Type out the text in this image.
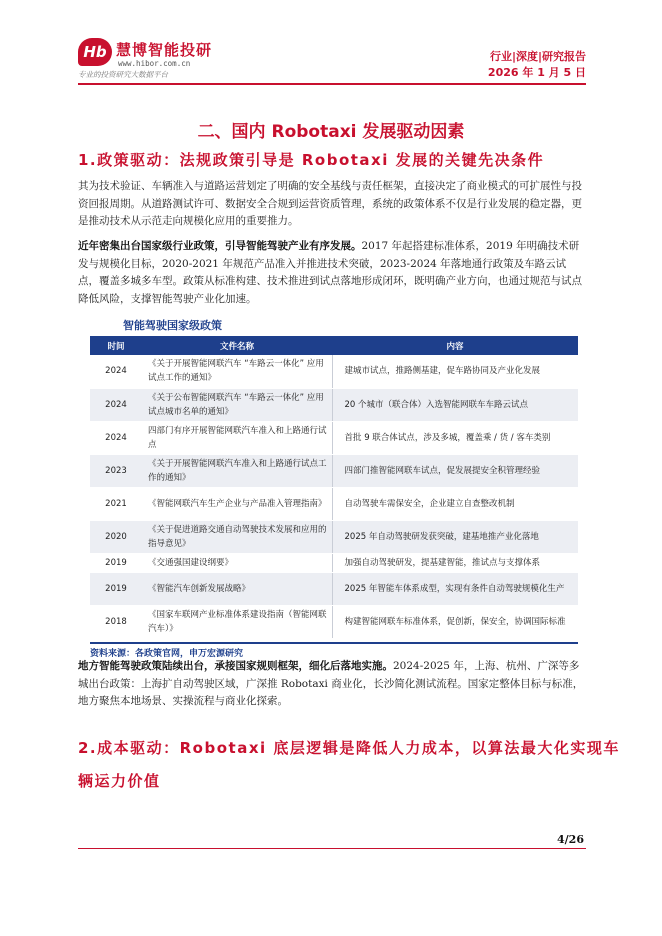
Hb 慧博智能投研
www.hibor.com.cn
专业的投资研究大数据平台
行业|深度|研究报告
2026 年 1 月 5 日
二、国内 Robotaxi 发展驱动因素
1.政策驱动：法规政策引导是 Robotaxi 发展的关键先决条件

其为技术验证、车辆准入与道路运营划定了明确的安全基线与责任框架，直接决定了商业模式的可扩展性与投资回报周期。从道路测试许可、数据安全合规到运营资质管理，系统的政策体系不仅是行业发展的稳定器，更是推动技术从示范走向规模化应用的重要推力。

近年密集出台国家级行业政策，引导智能驾驶产业有序发展。2017 年起搭建标准体系，2019 年明确技术研发与规模化目标，2020-2021 年规范产品准入并推进技术突破，2023-2024 年落地通行政策及车路云试点，覆盖多城多车型。政策从标准构建、技术推进到试点落地形成闭环，既明确产业方向，也通过规范与试点降低风险，支撑智能驾驶产业化加速。

智能驾驶国家级政策
时间	文件名称	内容
2024	《关于开展智能网联汽车 “车路云一体化” 应用试点工作的通知》	建城市试点，推路侧基建，促车路协同及产业化发展
2024	《关于公布智能网联汽车 “车路云一体化” 应用试点城市名单的通知》	20 个城市（联合体）入选智能网联车车路云试点
2024	四部门有序开展智能网联汽车准入和上路通行试点	首批 9 联合体试点，涉及多城，覆盖乘 / 货 / 客车类别
2023	《关于开展智能网联汽车准入和上路通行试点工作的通知》	四部门推智能网联车试点，促发展提安全积管理经验
2021	《智能网联汽车生产企业与产品准入管理指南》	自动驾驶车需保安全，企业建立自查整改机制
2020	《关于促进道路交通自动驾驶技术发展和应用的指导意见》	2025 年自动驾驶研发获突破，建基地推产业化落地
2019	《交通强国建设纲要》	加强自动驾驶研发，提基建智能，推试点与支撑体系
2019	《智能汽车创新发展战略》	2025 年智能车体系成型，实现有条件自动驾驶规模化生产
2018	《国家车联网产业标准体系建设指南（智能网联汽车）》	构建智能网联车标准体系，促创新，保安全，协调国际标准
资料来源：各政策官网，申万宏源研究

地方智能驾驶政策陆续出台，承接国家规则框架，细化后落地实施。2024-2025 年，上海、杭州、广深等多城出台政策：上海扩自动驾驶区域，广深推 Robotaxi 商业化，长沙简化测试流程。国家定整体目标与标准，地方聚焦本地场景、实操流程与商业化探索。

2.成本驱动：Robotaxi 底层逻辑是降低人力成本，以算法最大化实现车
辆运力价值
4/26
